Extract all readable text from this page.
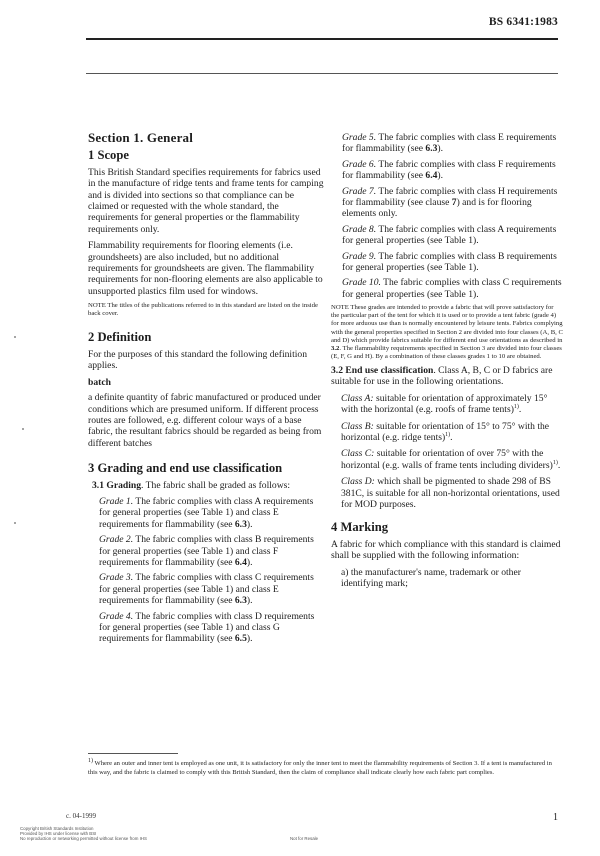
BS 6341:1983
Section 1. General
1 Scope

This British Standard specifies requirements for fabrics used in the manufacture of ridge tents and frame tents for camping and is divided into sections so that compliance can be claimed or requested with the whole standard, the requirements for general properties or the flammability requirements only.

Flammability requirements for flooring elements (i.e. groundsheets) are also included, but no additional requirements for groundsheets are given. The flammability requirements for non-flooring elements are also applicable to unsupported plastics film used for windows.

NOTE The titles of the publications referred to in this standard are listed on the inside back cover.
2 Definition

For the purposes of this standard the following definition applies.

batch

a definite quantity of fabric manufactured or produced under conditions which are presumed uniform. If different process routes are followed, e.g. different colour ways of a base fabric, the resultant fabrics should be regarded as being from different batches

3 Grading and end use classification

3.1 Grading. The fabric shall be graded as follows:

Grade 1. The fabric complies with class A requirements for general properties (see Table 1) and class E requirements for flammability (see 6.3).

Grade 2. The fabric complies with class B requirements for general properties (see Table 1) and class F requirements for flammability (see 6.4).

Grade 3. The fabric complies with class C requirements for general properties (see Table 1) and class E requirements for flammability (see 6.3).

Grade 4. The fabric complies with class D requirements for general properties (see Table 1) and class G requirements for flammability (see 6.5).

Grade 5. The fabric complies with class E requirements for flammability (see 6.3).

Grade 6. The fabric complies with class F requirements for flammability (see 6.4).

Grade 7. The fabric complies with class H requirements for flammability (see clause 7) and is for flooring elements only.

Grade 8. The fabric complies with class A requirements for general properties (see Table 1).

Grade 9. The fabric complies with class B requirements for general properties (see Table 1).

Grade 10. The fabric complies with class C requirements for general properties (see Table 1).

NOTE These grades are intended to provide a fabric that will prove satisfactory for the particular part of the tent for which it is used or to provide a tent fabric (grade 4) for more arduous use than is normally encountered by leisure tents. Fabrics complying with the general properties specified in Section 2 are divided into four classes (A, B, C and D) which provide fabrics suitable for different end use orientations as described in 3.2. The flammability requirements specified in Section 3 are divided into four classes (E, F, G and H). By a combination of these classes grades 1 to 10 are obtained.

3.2 End use classification. Class A, B, C or D fabrics are suitable for use in the following orientations.

Class A: suitable for orientation of approximately 15° with the horizontal (e.g. roofs of frame tents)$^{1)}$.

Class B: suitable for orientation of 15° to 75° with the horizontal (e.g. ridge tents)$^{1)}$.

Class C: suitable for orientation of over 75° with the horizontal (e.g. walls of frame tents including dividers)$^{1)}$.

Class D: which shall be pigmented to shade 298 of BS 381C, is suitable for all non-horizontal orientations, used for MOD purposes.

4 Marking

A fabric for which compliance with this standard is claimed shall be supplied with the following information:

a) the manufacturer's name, trademark or other identifying mark;

$^{1)}$ Where an outer and inner tent is employed as one unit, it is satisfactory for only the inner tent to meet the flammability requirements of Section 3. If a tent is manufactured in this way, and the fabric is claimed to comply with this British Standard, then the claim of compliance shall indicate clearly how each fabric part complies.
c. 04-1999	1
Copyright British Standards Institution
Provided by IHS under license with BSI
No reproduction or networking permitted without license from IHS	Not for Resale
